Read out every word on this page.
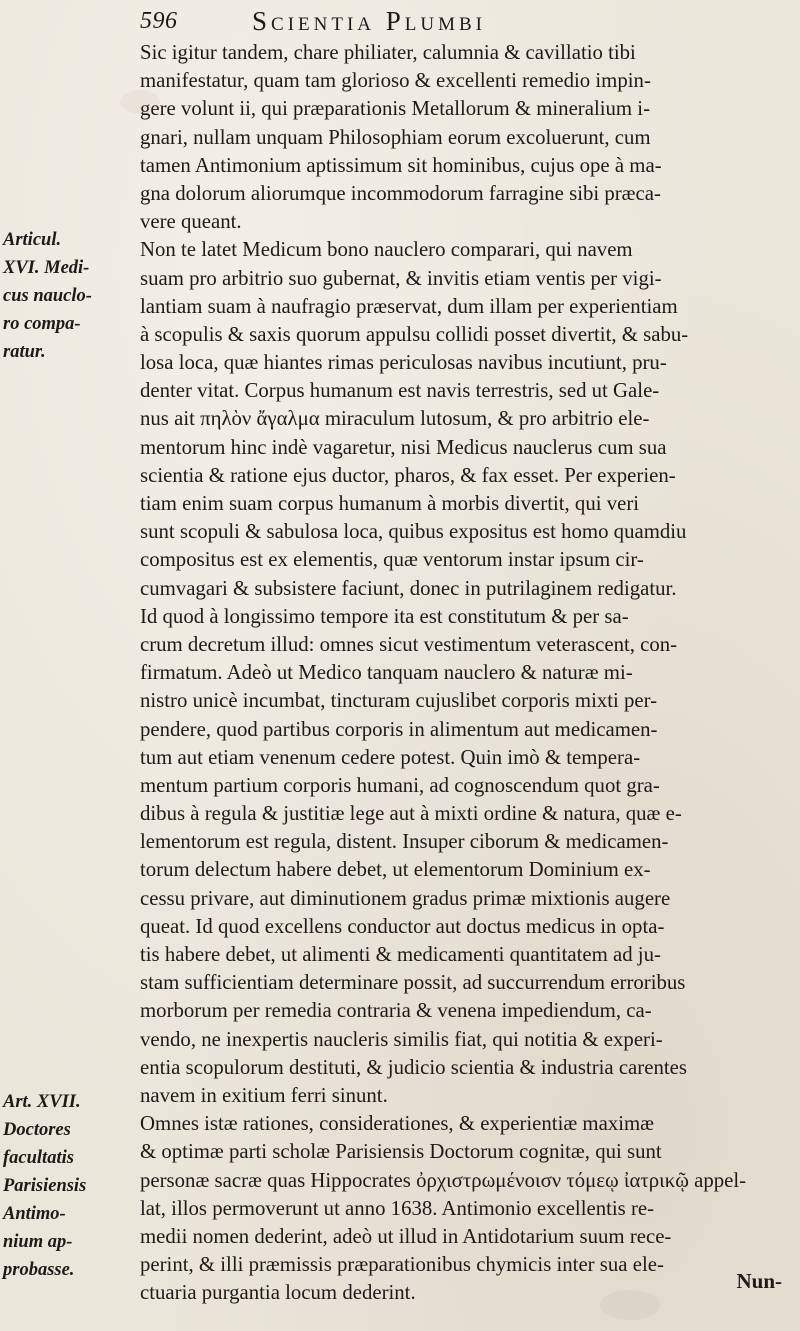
596	Scientia Plumbi
Articul.
XVI. Medi-
cus nauclo-
ro compa-
ratur.
Art. XVII.
Doctores
facultatis
Parisiensis
Antimo-
nium ap-
probasse.
Sic igitur tandem, chare philiater, calumnia & cavillatio tibi
manifestatur, quam tam glorioso & excellenti remedio impin-
gere volunt ii, qui præparationis Metallorum & mineralium i-
gnari, nullam unquam Philosophiam eorum excoluerunt, cum
tamen Antimonium aptissimum sit hominibus, cujus ope à ma-
gna dolorum aliorumque incommodorum farragine sibi præca-
vere queant.
Non te latet Medicum bono nauclero comparari, qui navem
suam pro arbitrio suo gubernat, & invitis etiam ventis per vigi-
lantiam suam à naufragio præservat, dum illam per experientiam
à scopulis & saxis quorum appulsu collidi posset divertit, & sabu-
losa loca, quæ hiantes rimas periculosas navibus incutiunt, pru-
denter vitat. Corpus humanum est navis terrestris, sed ut Gale-
nus ait πηλὸν ἄγαλμα miraculum lutosum, & pro arbitrio ele-
mentorum hinc indè vagaretur, nisi Medicus nauclerus cum sua
scientia & ratione ejus ductor, pharos, & fax esset. Per experien-
tiam enim suam corpus humanum à morbis divertit, qui veri
sunt scopuli & sabulosa loca, quibus expositus est homo quamdiu
compositus est ex elementis, quæ ventorum instar ipsum cir-
cumvagari & subsistere faciunt, donec in putrilaginem redigatur.
Id quod à longissimo tempore ita est constitutum & per sa-
crum decretum illud: omnes sicut vestimentum veterascent, con-
firmatum. Adeò ut Medico tanquam nauclero & naturæ mi-
nistro unicè incumbat, tincturam cujuslibet corporis mixti per-
pendere, quod partibus corporis in alimentum aut medicamen-
tum aut etiam venenum cedere potest. Quin imò & tempera-
mentum partium corporis humani, ad cognoscendum quot gra-
dibus à regula & justitiæ lege aut à mixti ordine & natura, quæ e-
lementorum est regula, distent. Insuper ciborum & medicamen-
torum delectum habere debet, ut elementorum Dominium ex-
cessu privare, aut diminutionem gradus primæ mixtionis augere
queat. Id quod excellens conductor aut doctus medicus in opta-
tis habere debet, ut alimenti & medicamenti quantitatem ad ju-
stam sufficientiam determinare possit, ad succurrendum erroribus
morborum per remedia contraria & venena impediendum, ca-
vendo, ne inexpertis naucleris similis fiat, qui notitia & experi-
entia scopulorum destituti, & judicio scientia & industria carentes
navem in exitium ferri sinunt.
Omnes istæ rationes, considerationes, & experientiæ maximæ
& optimæ parti scholæ Parisiensis Doctorum cognitæ, qui sunt
personæ sacræ quas Hippocrates ὀρχιστρωμένοισν τόμεῳ ἰατρικῷ appel-
lat, illos permoverunt ut anno 1638. Antimonio excellentis re-
medii nomen dederint, adeò ut illud in Antidotarium suum rece-
perint, & illi præmissis præparationibus chymicis inter sua ele-
ctuaria purgantia locum dederint.	Nun-
